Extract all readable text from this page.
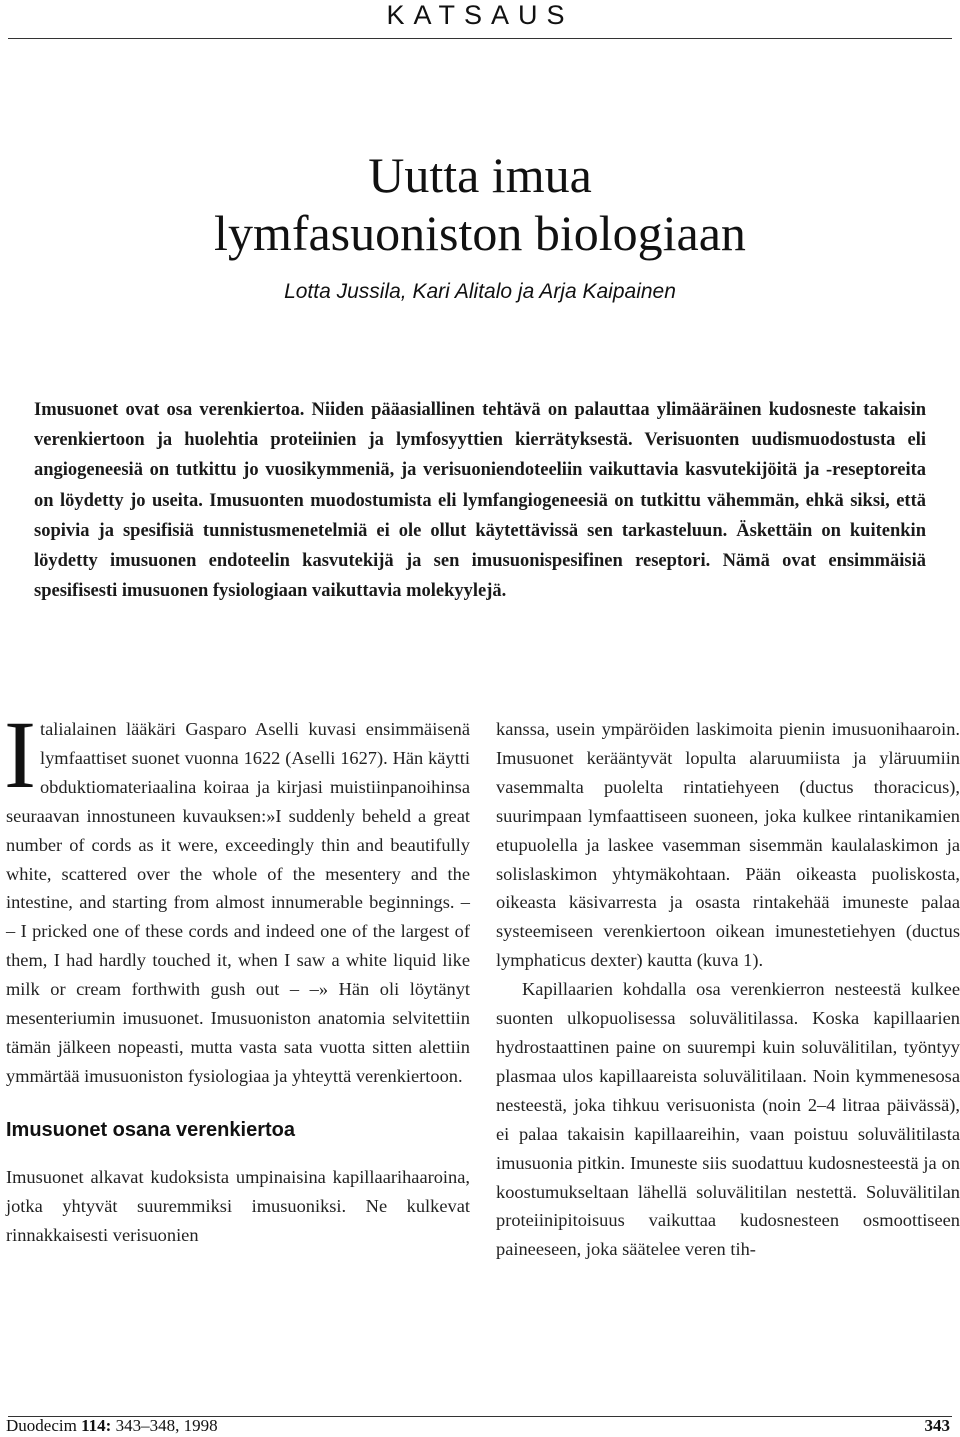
KATSAUS
Uutta imua
lymfasuoniston biologiaan
Lotta Jussila, Kari Alitalo ja Arja Kaipainen

Imusuonet ovat osa verenkiertoa. Niiden pääasiallinen tehtävä on palauttaa ylimääräinen kudosneste takaisin verenkiertoon ja huolehtia proteiinien ja lymfosyyttien kierrätyksestä. Verisuonten uudismuodostusta eli angiogeneesiä on tutkittu jo vuosikymmeniä, ja verisuoniendoteeliin vaikuttavia kasvutekijöitä ja -reseptoreita on löydetty jo useita. Imusuonten muodostumista eli lymfangiogeneesiä on tutkittu vähemmän, ehkä siksi, että sopivia ja spesifisiä tunnistusmenetelmiä ei ole ollut käytettävissä sen tarkasteluun. Äskettäin on kuitenkin löydetty imusuonen endoteelin kasvutekijä ja sen imusuonispesifinen reseptori. Nämä ovat ensimmäisiä spesifisesti imusuonen fysiologiaan vaikuttavia molekyylejä.

Italialainen lääkäri Gasparo Aselli kuvasi ensimmäisenä lymfaattiset suonet vuonna 1622 (Aselli 1627). Hän käytti obduktiomateriaalina koiraa ja kirjasi muistiinpanoihinsa seuraavan innostuneen kuvauksen:»I suddenly beheld a great number of cords as it were, exceedingly thin and beautifully white, scattered over the whole of the mesentery and the intestine, and starting from almost innumerable beginnings. – – I pricked one of these cords and indeed one of the largest of them, I had hardly touched it, when I saw a white liquid like milk or cream forthwith gush out – –» Hän oli löytänyt mesenteriumin imusuonet. Imusuoniston anatomia selvitettiin tämän jälkeen nopeasti, mutta vasta sata vuotta sitten alettiin ymmärtää imusuoniston fysiologiaa ja yhteyttä verenkiertoon.

Imusuonet osana verenkiertoa

Imusuonet alkavat kudoksista umpinaisina kapillaarihaaroina, jotka yhtyvät suuremmiksi imusuoniksi. Ne kulkevat rinnakkaisesti verisuonien

kanssa, usein ympäröiden laskimoita pienin imusuonihaaroin. Imusuonet kerääntyvät lopulta alaruumiista ja yläruumiin vasemmalta puolelta rintatiehyeen (ductus thoracicus), suurimpaan lymfaattiseen suoneen, joka kulkee rintanikamien etupuolella ja laskee vasemman sisemmän kaulalaskimon ja solislaskimon yhtymäkohtaan. Pään oikeasta puoliskosta, oikeasta käsivarresta ja osasta rintakehää imuneste palaa systeemiseen verenkiertoon oikean imunestetiehyen (ductus lymphaticus dexter) kautta (kuva 1).

Kapillaarien kohdalla osa verenkierron nesteestä kulkee suonten ulkopuolisessa soluvälitilassa. Koska kapillaarien hydrostaattinen paine on suurempi kuin soluvälitilan, työntyy plasmaa ulos kapillaareista soluvälitilaan. Noin kymmenesosa nesteestä, joka tihkuu verisuonista (noin 2–4 litraa päivässä), ei palaa takaisin kapillaareihin, vaan poistuu soluvälitilasta imusuonia pitkin. Imuneste siis suodattuu kudosnesteestä ja on koostumukseltaan lähellä soluvälitilan nestettä. Soluvälitilan proteiinipitoisuus vaikuttaa kudosnesteen osmoottiseen paineeseen, joka säätelee veren tih-

Duodecim 114: 343–348, 1998	343
